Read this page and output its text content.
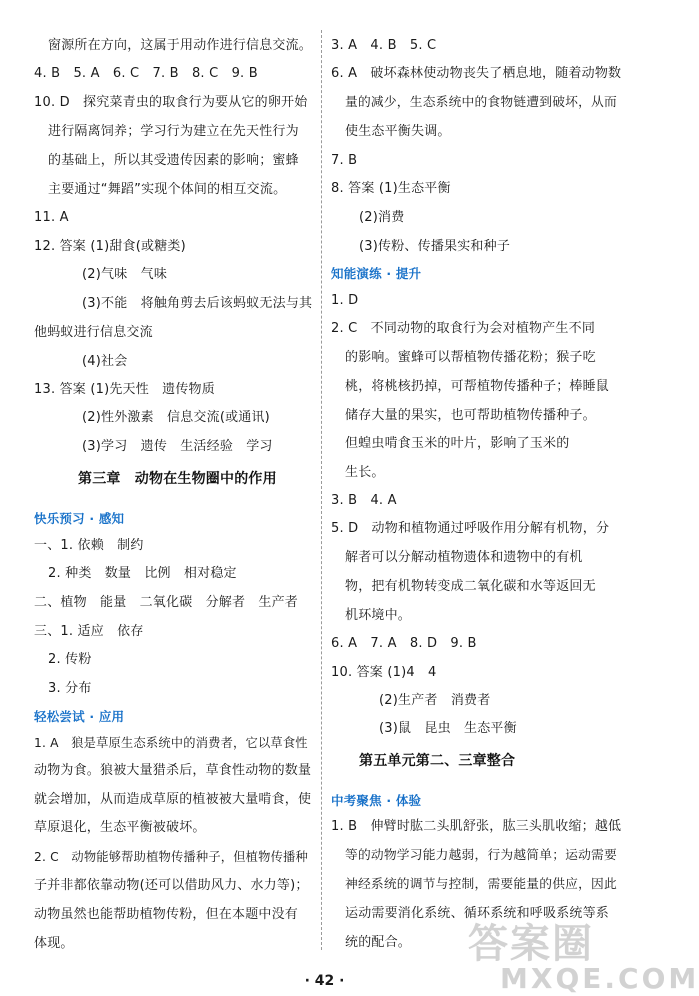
窗源所在方向，这属于用动作进行信息交流。
4. B　5. A　6. C　7. B　8. C　9. B
10. D　探究菜青虫的取食行为要从它的卵开始
进行隔离饲养；学习行为建立在先天性行为
的基础上，所以其受遗传因素的影响；蜜蜂
主要通过“舞蹈”实现个体间的相互交流。
11. A
12. 答案 (1)甜食(或糖类)
(2)气味　气味
(3)不能　将触角剪去后该蚂蚁无法与其
他蚂蚁进行信息交流
(4)社会
13. 答案 (1)先天性　遗传物质
(2)性外激素　信息交流(或通讯)
(3)学习　遗传　生活经验　学习
第三章　动物在生物圈中的作用
快乐预习 · 感知
一、1. 依赖　制约
2. 种类　数量　比例　相对稳定
二、植物　能量　二氧化碳　分解者　生产者
三、1. 适应　依存
2. 传粉
3. 分布
轻松尝试 · 应用
1. A　狼是草原生态系统中的消费者，它以草食性
动物为食。狼被大量猎杀后，草食性动物的数量
就会增加，从而造成草原的植被被大量啃食，使
草原退化，生态平衡被破坏。
2. C　动物能够帮助植物传播种子，但植物传播种
子并非都依靠动物(还可以借助风力、水力等)；
动物虽然也能帮助植物传粉，但在本题中没有
体现。
3. A　4. B　5. C
6. A　破坏森林使动物丧失了栖息地，随着动物数
量的减少，生态系统中的食物链遭到破坏，从而
使生态平衡失调。
7. B
8. 答案 (1)生态平衡
(2)消费
(3)传粉、传播果实和种子
知能演练 · 提升
1. D
2. C　不同动物的取食行为会对植物产生不同
的影响。蜜蜂可以帮植物传播花粉；猴子吃
桃，将桃核扔掉，可帮植物传播种子；棒睡鼠
储存大量的果实，也可帮助植物传播种子。
但蝗虫啃食玉米的叶片，影响了玉米的
生长。
3. B　4. A
5. D　动物和植物通过呼吸作用分解有机物，分
解者可以分解动植物遗体和遗物中的有机
物，把有机物转变成二氧化碳和水等返回无
机环境中。
6. A　7. A　8. D　9. B
10. 答案 (1)4　4
(2)生产者　消费者
(3)鼠　昆虫　生态平衡
第五单元第二、三章整合
中考聚焦 · 体验
1. B　伸臂时肱二头肌舒张，肱三头肌收缩；越低
等的动物学习能力越弱，行为越简单；运动需要
神经系统的调节与控制，需要能量的供应，因此
运动需要消化系统、循环系统和呼吸系统等系
统的配合。
· 42 ·
答案圈
MXQE.COM
